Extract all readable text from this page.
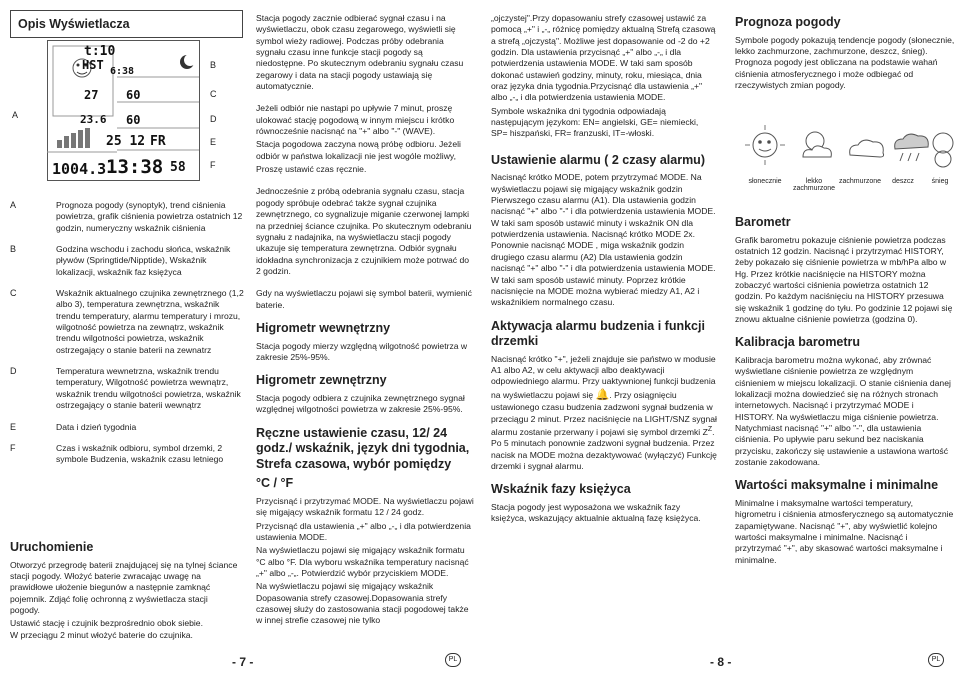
Opis Wyświetlacza
A
B
C
D
E
F
t:10
HST 6:38
60
27
60
23.6
25 12 FR
1004.3 13:38 58
A	Prognoza pogody (synoptyk), trend ciśnienia powietrza, grafik ciśnienia powietrza ostatnich 12 godzin, numeryczny wskaźnik ciśnienia
B	Godzina wschodu i zachodu słońca, wskaźnik pływów (Springtide/Nipptide), Wskaźnik lokalizacji, wskaźnik faz księżyca
C	Wskaźnik aktualnego czujnika zewnętrznego (1,2 albo 3), temperatura zewnętrzna, wskaźnik trendu temperatury, alarmu temperatury i mrozu, wilgotność powietrza na zewnątrz, wskaźnik trendu wilgotności powietrza, wskaźnik ostrzegający o stanie baterii na zewnatrz
D	Temperatura wewnetrzna, wskaźnik trendu temperatury, Wilgotność powietrza wewnątrz, wskaźnik trendu wilgotności powietrza, wskaźnik ostrzegający o stanie baterii wewnątrz
E	Data i dzień tygodnia
F	Czas i wskaźnik odbioru, symbol drzemki, 2 symbole Budzenia, wskaźnik czasu letniego
Uruchomienie

Otworzyć przegrodę baterii znajdującej się na tylnej ściance stacji pogody. Włożyć baterie zwracając uwagę na prawidłowe ułożenie biegunów a następnie zamknąć pojemnik. Zdjąć folię ochronną z wyświetlacza stacji pogody.

Ustawić stację i czujnik bezprośrednio obok siebie.

W przeciągu 2 minut włożyć baterie do czujnika.

Stacja pogody zacznie odbierać sygnał czasu i na wyświetlaczu, obok czasu zegarowego, wyświetli się symbol wieży radiowej. Podczas próby odebrania sygnału czasu inne funkcje stacji pogody są niedostępne. Po skutecznym odebraniu sygnału czasu zegarowy i data na stacji pogody ustawiają się automatycznie.

Jeżeli odbiór nie nastąpi po upływie 7 minut, proszę ulokować stację pogodową w innym miejscu i krótko równocześnie nacisnąć na "+" albo "-" (WAVE).

Stacja pogodowa zaczyna nową próbę odbioru. Jeżeli odbiór w państwa lokalizacji nie jest wogóle możliwy,

Proszę ustawić czas ręcznie.

Jednocześnie z próbą odebrania sygnału czasu, stacja pogody spróbuje odebrać także sygnał czujnika zewnętrznego, co sygnalizuje miganie czerwonej lampki na przedniej ściance czujnika. Po skutecznym odebraniu sygnału z nadajnika, na wyświetlaczu stacji pogody ukazuje się temperatura zewnętrzna. Odbiór sygnału idokładna synchronizacja z czujnikiem może potrwać do 2 godzin.

Gdy na wyświetlaczu pojawi się symbol baterii, wymienić baterie.

Higrometr wewnętrzny

Stacja pogody mierzy względną wilgotność powietrza w zakresie 25%-95%.

Higrometr zewnętrzny

Stacja pogody odbiera z czujnika zewnętrznego sygnał względnej wilgotności powietrza w zakresie 25%-95%.

Ręczne ustawienie czasu, 12/ 24 godz./ wskaźnik, język dni tygodnia, Strefa czasowa, wybór pomiędzy
°C / °F

Przycisnąć i przytrzymać MODE. Na wyświetlaczu pojawi się migający wskaźnik formatu 12 / 24 godz.

Przycisnąć dla ustawienia „+" albo „-„ i dla potwierdzenia ustawienia MODE.

Na wyświetlaczu pojawi się migający wskaźnik formatu °C albo °F. Dla wyboru wskaźnika temperatury nacisnąć „+" albo „-„. Potwierdzić wybór przyciskiem MODE.

Na wyświetlaczu pojawi się migający wskaźnik Dopasowania strefy czasowej.Dopasowania strefy czasowej służy do zastosowania stacji pogodowej także w innej strefie czasowej nie tylko

- 7 -	PL

„ojczystej".Przy dopasowaniu strefy czasowej ustawić za pomocą „+" i „-„ różnicę pomiędzy aktualną Strefą czasową a strefą „ojczystą". Możliwe jest dopasowanie od -2 do +2 godzin. Dla ustawienia przycisnąć „+" albo „-„ i dla potwierdzenia ustawienia MODE. W taki sam sposób dokonać ustawień godziny, minuty, roku, miesiąca, dnia oraz języka dnia tygodnia.Przycisnąć dla ustawienia „+" albo „-„ i dla potwierdzenia ustawienia MODE.

Symbole wskaźnika dni tygodnia odpowiadają następującym językom: EN= angielski, GE= niemiecki, SP= hiszpański, FR= franzuski, IT=-włoski.

Ustawienie alarmu ( 2 czasy alarmu)

Nacisnąć krótko MODE, potem przytrzymać MODE. Na wyświetlaczu pojawi się migający wskaźnik godzin Pierwszego czasu alarmu (A1). Dla ustawienia godzin nacisnąć "+" albo "-" i dla potwierdzenia ustawienia MODE. W taki sam sposób ustawić minuty i wskaźnik ON dla potwierdzenia ustawienia. Nacisnąć krótko MODE 2x. Ponownie nacisnąć MODE , miga wskaźnik godzin drugiego czasu alarmu (A2) Dla ustawienia godzin nacisnąć "+" albo "-" i dla potwierdzenia ustawienia MODE. W taki sam sposób ustawić minuty. Poprzez krótkie nacisnięcie na MODE można wybierać miedzy A1, A2 i wskaźnikiem normalnego czasu.

Aktywacja alarmu budzenia i funkcji drzemki

Nacisnąć krótko "+", jeżeli znajduje sie państwo w modusie A1 albo A2, w celu aktywacji albo deaktywacji odpowiedniego alarmu. Przy uaktywnionej funkcji budzenia na wyświetlaczu pojawi się 🔔. Przy osiągnięciu ustawionego czasu budzenia zadzwoni sygnał budzenia w przeciągu 2 minut. Przez naciśnięcie na LIGHT/SNZ sygnał alarmu zostanie przerwany i pojawi się symbol drzemki $Z^Z$. Po 5 minutach ponownie zadzwoni sygnał budzenia. Przez nacisk na MODE można dezaktywować (wyłączyć) Funkcję drzemki i sygnał alarmu.

Wskaźnik fazy księżyca

Stacja pogody jest wyposażona we wskaźnik fazy księżyca, wskazujący aktualnie aktualną fazę księżyca.

- 8 -	PL
Prognoza pogody

Symbole pogody pokazują tendencje pogody (słonecznie, lekko zachmurzone, zachmurzone, deszcz, śnieg). Prognoza pogody jest obliczana na podstawie wahań ciśnienia atmosferycznego i może odbiegać od rzeczywistych zmian pogody.

słonecznie	lekko zachmurzone
zachmurzone	deszcz	śnieg
Barometr

Grafik barometru pokazuje ciśnienie powietrza podczas ostatnich 12 godzin. Nacisnąć i przytrzymać HISTORY, żeby pokazało się ciśnienie powietrza w mb/hPa albo w Hg. Przez krótkie naciśnięcie na HISTORY można zobaczyć wartości ciśnienia powietrza ostatnich 12 godzin. Po każdym naciśnięciu na HISTORY przesuwa się wskaźnik 1 godzinę do tyłu. Po godzinie 12 pojawi się znowu aktualne ciśnienie powietrza (godzina 0).

Kalibracja barometru

Kalibracja barometru można wykonać, aby zrównać wyświetlane ciśnienie powietrza ze względnym ciśnieniem w miejscu lokalizacji. O stanie ciśnienia danej lokalizacji można dowiedzieć się na różnych stronach internetowych. Nacisnąć i przytrzymać MODE i HISTORY. Na wyświetlaczu miga ciśnienie powietrza. Natychmiast nacisnąć "+" albo "-", dla ustawienia ciśnienia. Po upływie paru sekund bez naciskania przycisku, zakończy się ustawienie a ustawiona wartość zostanie zakodowana.

Wartości maksymalne i minimalne

Minimalne i maksymalne wartości temperatury, higrometru i ciśnienia atmosferycznego są automatycznie zapamiętywane. Nacisnąć "+", aby wyświetlić kolejno wartości maksymalne i minimalne. Nacisnąć i przytrzymać "+", aby skasować wartości maksymalne i minimalne.
